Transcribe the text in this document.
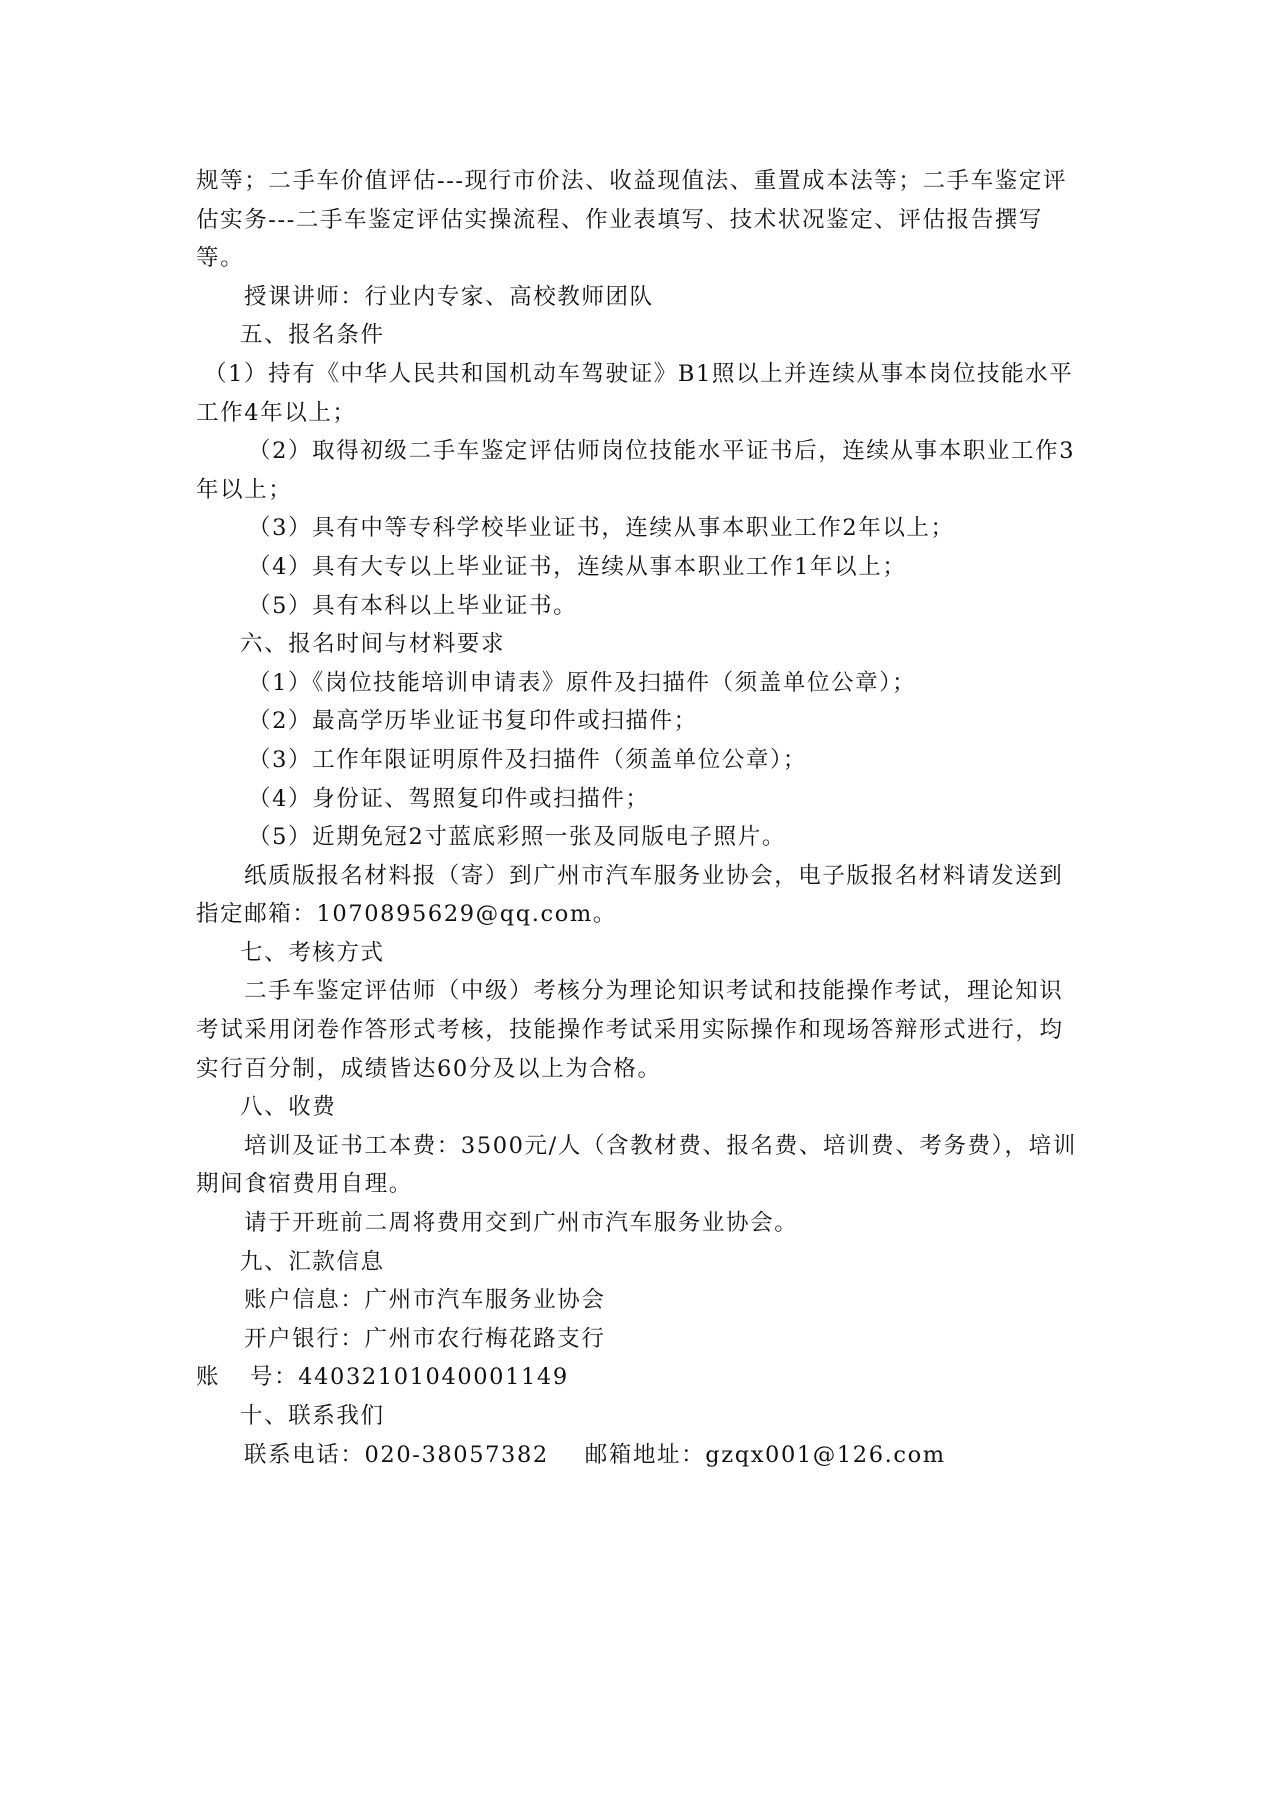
规等；二手车价值评估---现行市价法、收益现值法、重置成本法等；二手车鉴定评估实务---二手车鉴定评估实操流程、作业表填写、技术状况鉴定、评估报告撰写等。

授课讲师：行业内专家、高校教师团队

五、报名条件

（1）持有《中华人民共和国机动车驾驶证》B1照以上并连续从事本岗位技能水平工作4年以上；

（2）取得初级二手车鉴定评估师岗位技能水平证书后，连续从事本职业工作3年以上；

（3）具有中等专科学校毕业证书，连续从事本职业工作2年以上；

（4）具有大专以上毕业证书，连续从事本职业工作1年以上；

（5）具有本科以上毕业证书。

六、报名时间与材料要求

（1）《岗位技能培训申请表》原件及扫描件（须盖单位公章）；

（2）最高学历毕业证书复印件或扫描件；

（3）工作年限证明原件及扫描件（须盖单位公章）；

（4）身份证、驾照复印件或扫描件；

（5）近期免冠2寸蓝底彩照一张及同版电子照片。

纸质版报名材料报（寄）到广州市汽车服务业协会，电子版报名材料请发送到指定邮箱：1070895629@qq.com。

七、考核方式

二手车鉴定评估师（中级）考核分为理论知识考试和技能操作考试，理论知识考试采用闭卷作答形式考核，技能操作考试采用实际操作和现场答辩形式进行，均实行百分制，成绩皆达60分及以上为合格。

八、收费

培训及证书工本费：3500元/人（含教材费、报名费、培训费、考务费），培训期间食宿费用自理。

请于开班前二周将费用交到广州市汽车服务业协会。

九、汇款信息

账户信息：广州市汽车服务业协会

开户银行：广州市农行梅花路支行

账 号：44032101040001149

十、联系我们

联系电话：020-38057382 邮箱地址：gzqx001@126.com
